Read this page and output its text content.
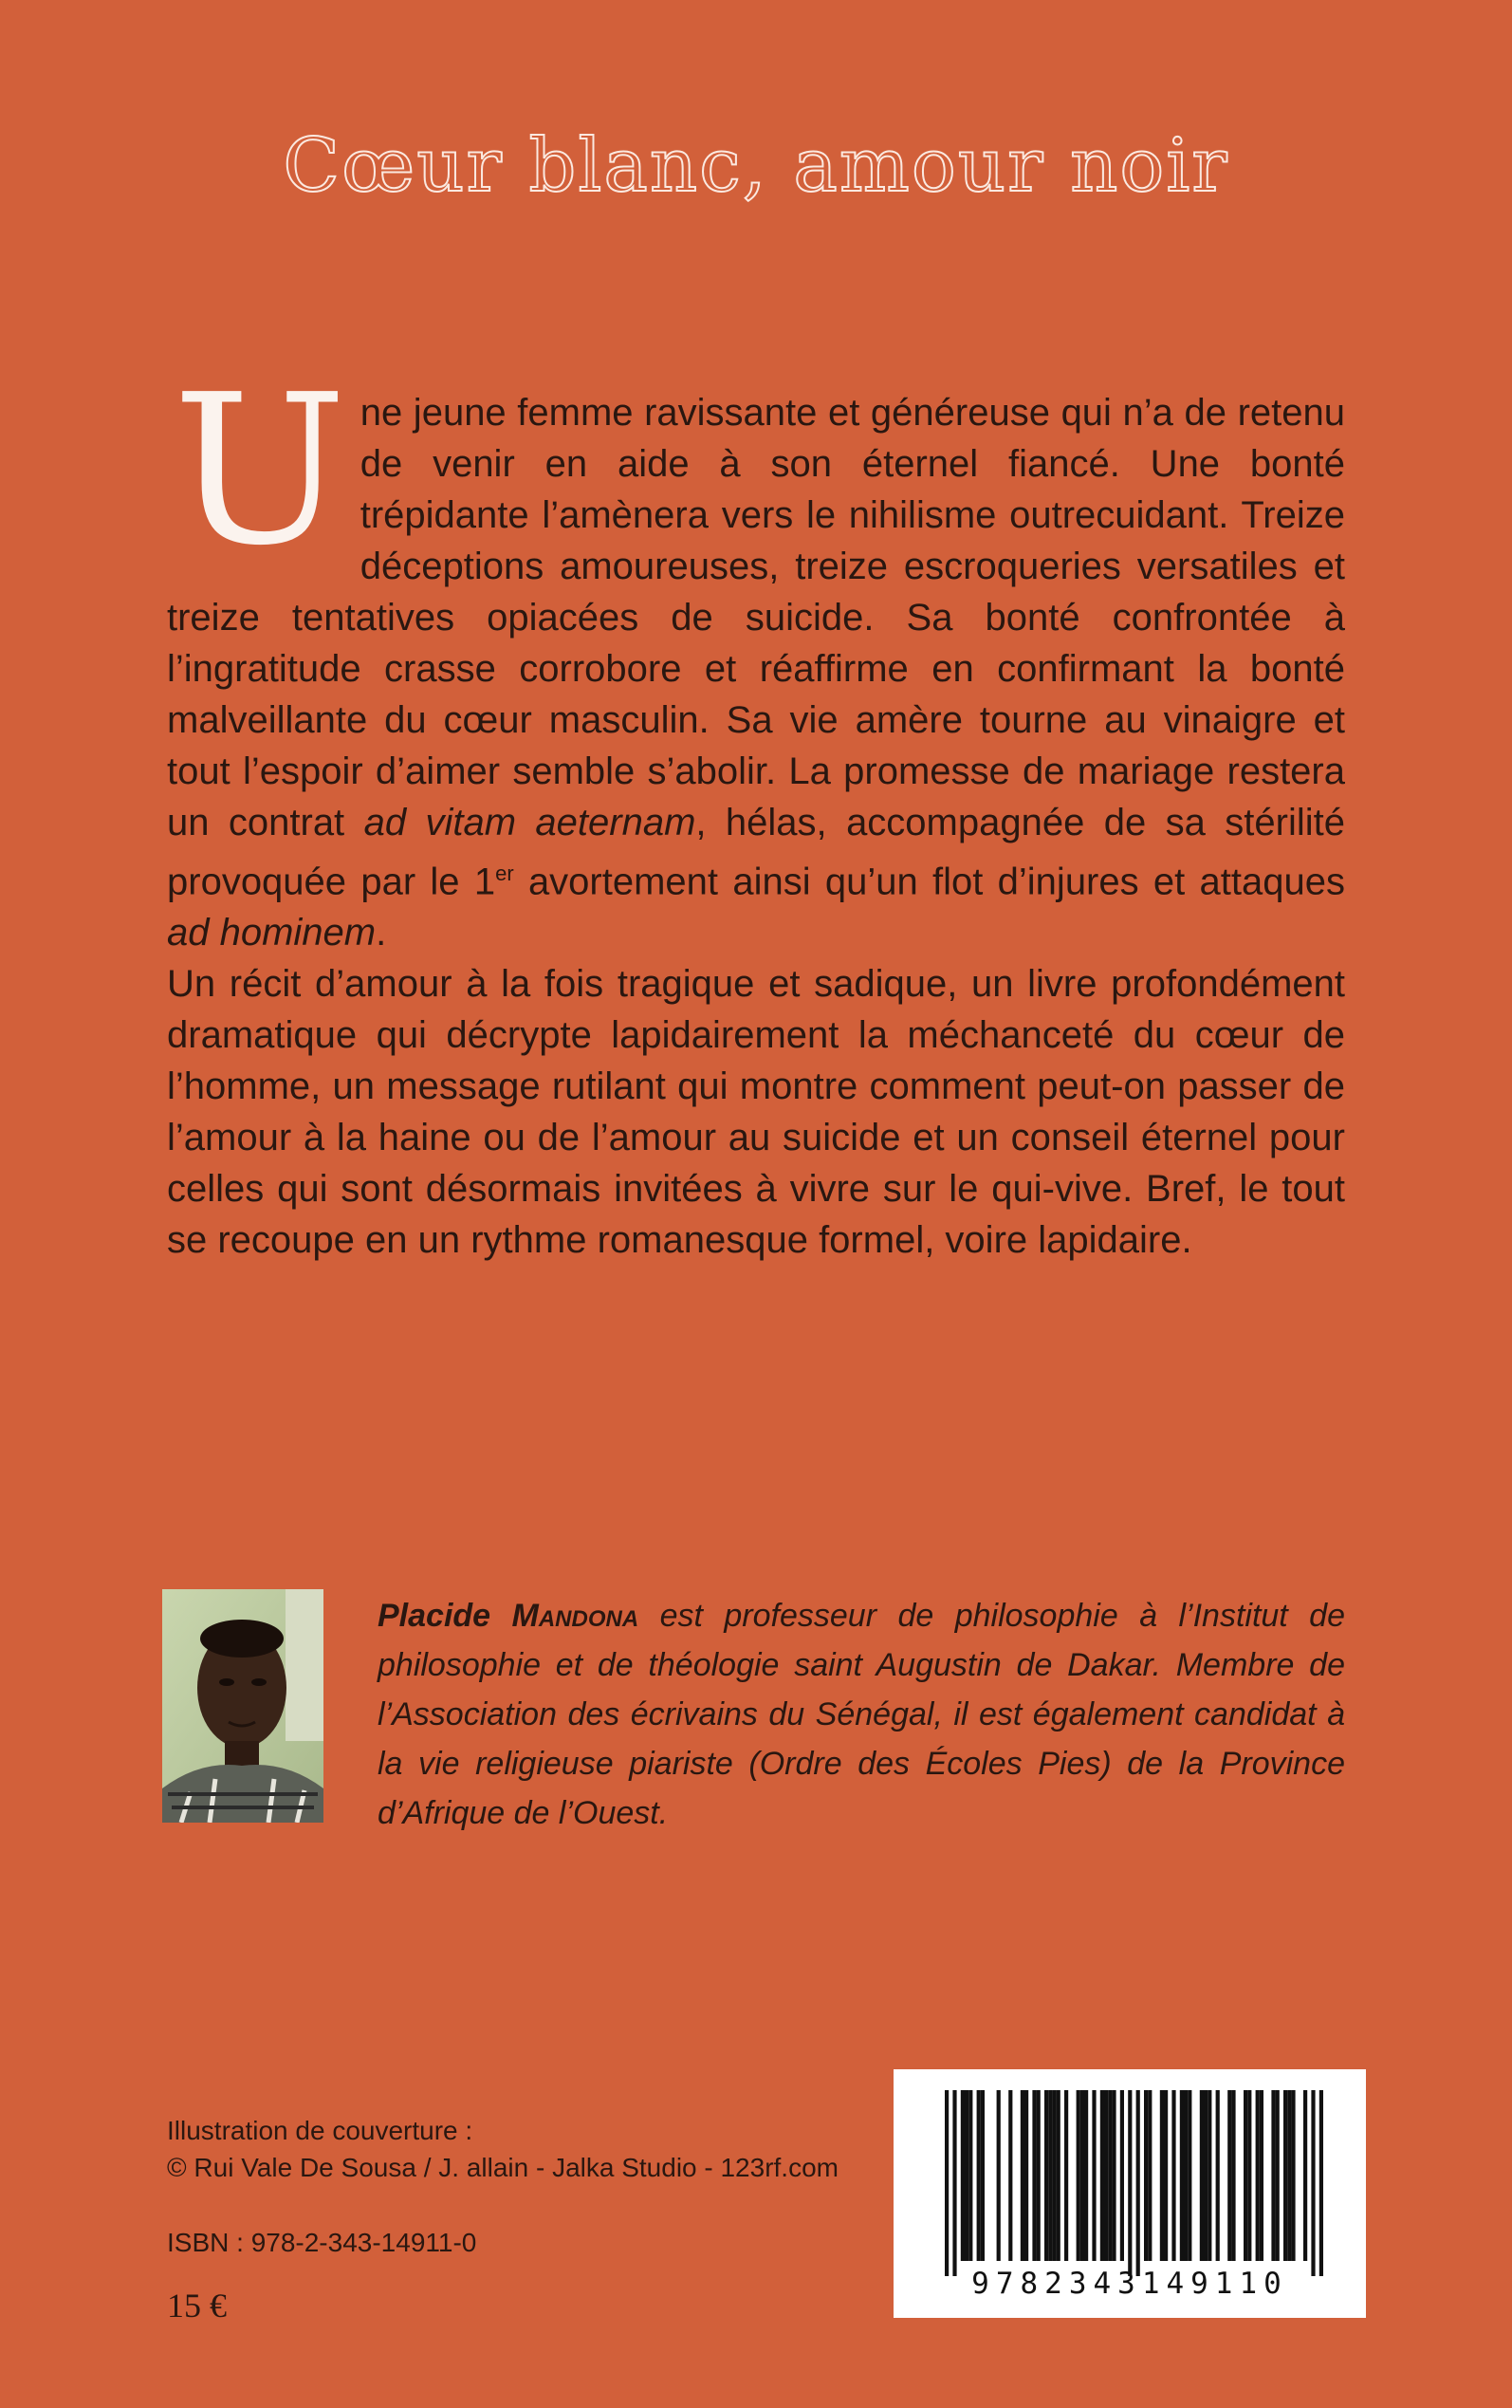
Cœur blanc, amour noir

Une jeune femme ravissante et généreuse qui n’a de retenu de venir en aide à son éternel fiancé. Une bonté trépidante l’amènera vers le nihilisme outrecuidant. Treize déceptions amoureuses, treize escroqueries versatiles et treize tentatives opiacées de suicide. Sa bonté confrontée à l’ingratitude crasse corrobore et réaffirme en confirmant la bonté malveillante du cœur masculin. Sa vie amère tourne au vinaigre et tout l’espoir d’aimer semble s’abolir. La promesse de mariage restera un contrat ad vitam aeternam, hélas, accompagnée de sa stérilité provoquée par le 1er avortement ainsi qu’un flot d’injures et attaques ad hominem.

Un récit d’amour à la fois tragique et sadique, un livre profondément dramatique qui décrypte lapidairement la méchanceté du cœur de l’homme, un message rutilant qui montre comment peut-on passer de l’amour à la haine ou de l’amour au suicide et un conseil éternel pour celles qui sont désormais invitées à vivre sur le qui-vive. Bref, le tout se recoupe en un rythme romanesque formel, voire lapidaire.

Placide Mandona est professeur de philosophie à l’Institut de philosophie et de théologie saint Augustin de Dakar. Membre de l’Association des écrivains du Sénégal, il est également candidat à la vie religieuse piariste (Ordre des Écoles Pies) de la Province d’Afrique de l’Ouest.

Illustration de couverture :
© Rui Vale De Sousa / J. allain - Jalka Studio - 123rf.com
ISBN : 978-2-343-14911-0
15 €
9782343149110
